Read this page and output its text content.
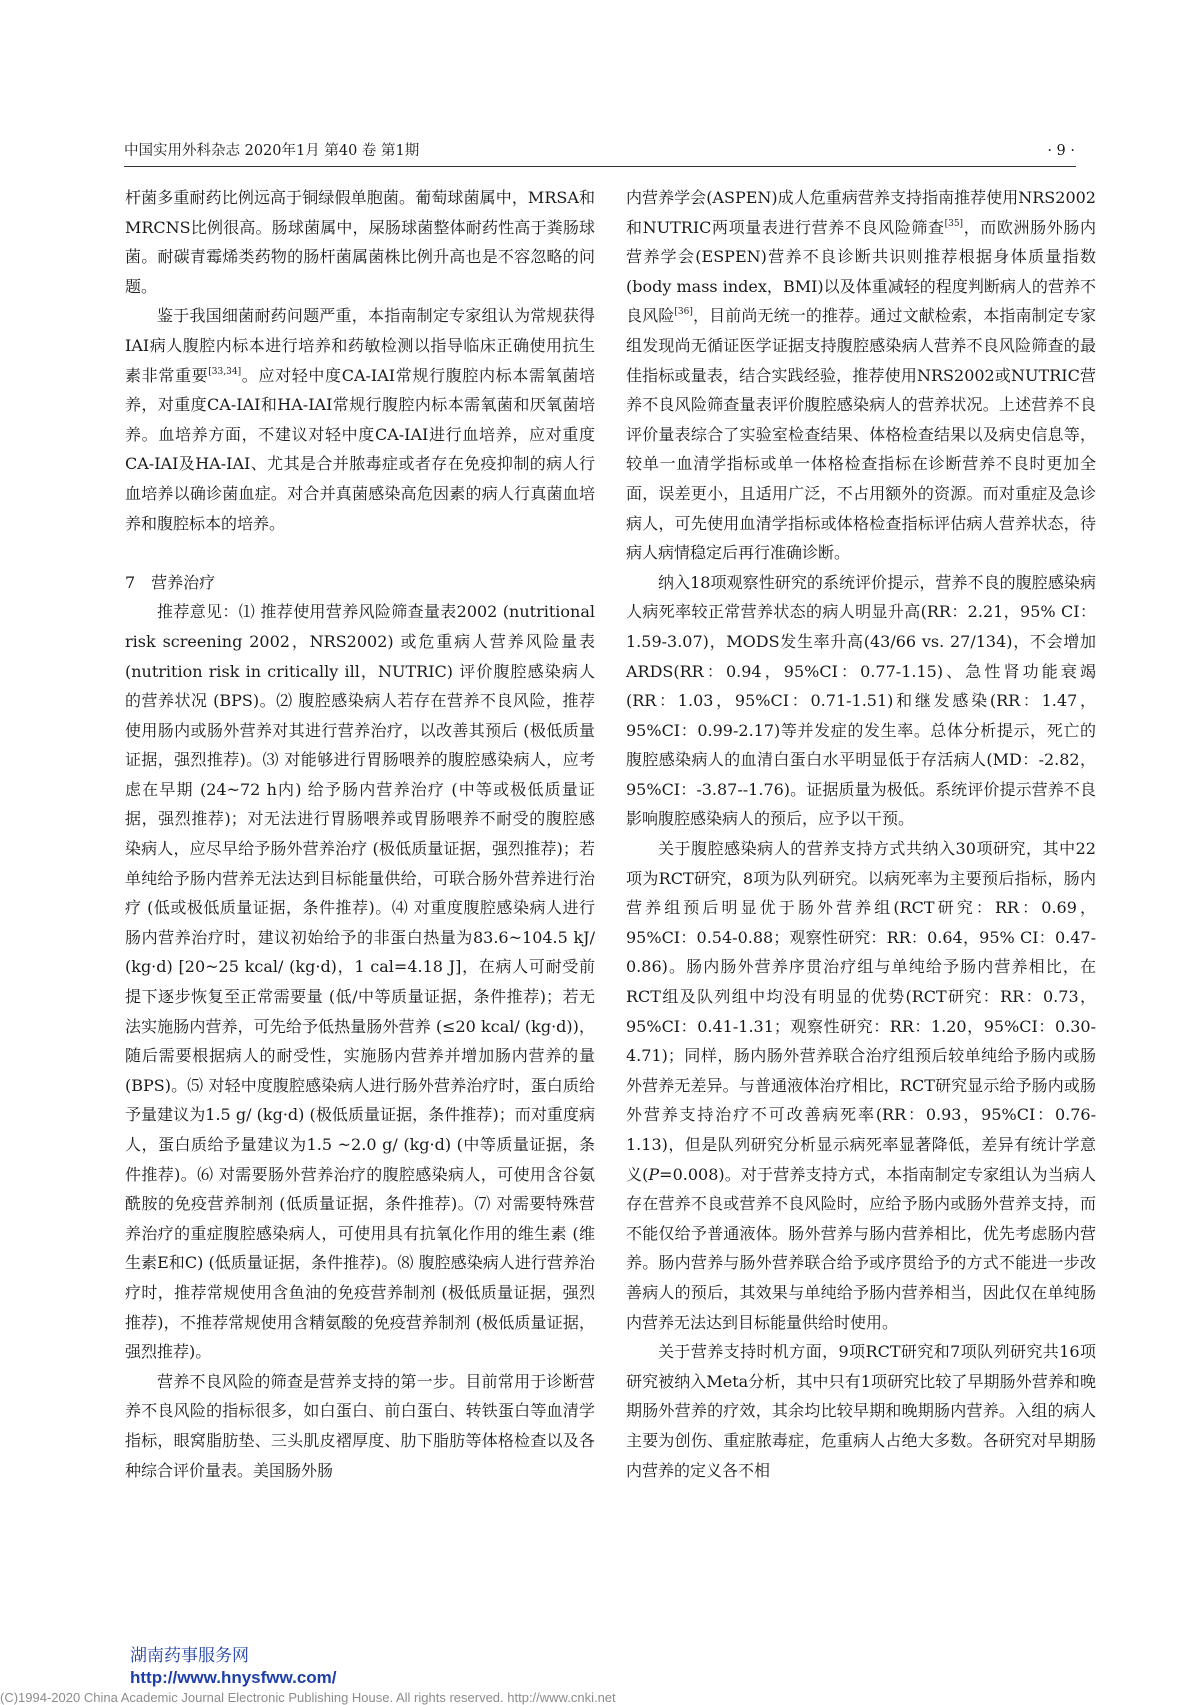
中国实用外科杂志 2020年1月 第40 卷 第1期	· 9 ·

杆菌多重耐药比例远高于铜绿假单胞菌。葡萄球菌属中，MRSA和MRCNS比例很高。肠球菌属中，屎肠球菌整体耐药性高于粪肠球菌。耐碳青霉烯类药物的肠杆菌属菌株比例升高也是不容忽略的问题。

鉴于我国细菌耐药问题严重，本指南制定专家组认为常规获得IAI病人腹腔内标本进行培养和药敏检测以指导临床正确使用抗生素非常重要[33,34]。应对轻中度CA-IAI常规行腹腔内标本需氧菌培养，对重度CA-IAI和HA-IAI常规行腹腔内标本需氧菌和厌氧菌培养。血培养方面，不建议对轻中度CA-IAI进行血培养，应对重度CA-IAI及HA-IAI、尤其是合并脓毒症或者存在免疫抑制的病人行血培养以确诊菌血症。对合并真菌感染高危因素的病人行真菌血培养和腹腔标本的培养。

7　营养治疗

推荐意见：⑴ 推荐使用营养风险筛查量表2002 (nutritional risk screening 2002，NRS2002) 或危重病人营养风险量表 (nutrition risk in critically ill，NUTRIC) 评价腹腔感染病人的营养状况 (BPS)。⑵ 腹腔感染病人若存在营养不良风险，推荐使用肠内或肠外营养对其进行营养治疗，以改善其预后 (极低质量证据，强烈推荐)。⑶ 对能够进行胃肠喂养的腹腔感染病人，应考虑在早期 (24~72 h内) 给予肠内营养治疗 (中等或极低质量证据，强烈推荐)；对无法进行胃肠喂养或胃肠喂养不耐受的腹腔感染病人，应尽早给予肠外营养治疗 (极低质量证据，强烈推荐)；若单纯给予肠内营养无法达到目标能量供给，可联合肠外营养进行治疗 (低或极低质量证据，条件推荐)。⑷ 对重度腹腔感染病人进行肠内营养治疗时，建议初始给予的非蛋白热量为83.6~104.5 kJ/ (kg·d) [20~25 kcal/ (kg·d)，1 cal=4.18 J]，在病人可耐受前提下逐步恢复至正常需要量 (低/中等质量证据，条件推荐)；若无法实施肠内营养，可先给予低热量肠外营养 (≤20 kcal/ (kg·d))，随后需要根据病人的耐受性，实施肠内营养并增加肠内营养的量 (BPS)。⑸ 对轻中度腹腔感染病人进行肠外营养治疗时，蛋白质给予量建议为1.5 g/ (kg·d) (极低质量证据，条件推荐)；而对重度病人，蛋白质给予量建议为1.5 ~2.0 g/ (kg·d) (中等质量证据，条件推荐)。⑹ 对需要肠外营养治疗的腹腔感染病人，可使用含谷氨酰胺的免疫营养制剂 (低质量证据，条件推荐)。⑺ 对需要特殊营养治疗的重症腹腔感染病人，可使用具有抗氧化作用的维生素 (维生素E和C) (低质量证据，条件推荐)。⑻ 腹腔感染病人进行营养治疗时，推荐常规使用含鱼油的免疫营养制剂 (极低质量证据，强烈推荐)，不推荐常规使用含精氨酸的免疫营养制剂 (极低质量证据，强烈推荐)。

营养不良风险的筛查是营养支持的第一步。目前常用于诊断营养不良风险的指标很多，如白蛋白、前白蛋白、转铁蛋白等血清学指标，眼窝脂肪垫、三头肌皮褶厚度、肋下脂肪等体格检查以及各种综合评价量表。美国肠外肠

内营养学会(ASPEN)成人危重病营养支持指南推荐使用NRS2002和NUTRIC两项量表进行营养不良风险筛查[35]，而欧洲肠外肠内营养学会(ESPEN)营养不良诊断共识则推荐根据身体质量指数(body mass index，BMI)以及体重减轻的程度判断病人的营养不良风险[36]，目前尚无统一的推荐。通过文献检索，本指南制定专家组发现尚无循证医学证据支持腹腔感染病人营养不良风险筛查的最佳指标或量表，结合实践经验，推荐使用NRS2002或NUTRIC营养不良风险筛查量表评价腹腔感染病人的营养状况。上述营养不良评价量表综合了实验室检查结果、体格检查结果以及病史信息等，较单一血清学指标或单一体格检查指标在诊断营养不良时更加全面，误差更小，且适用广泛，不占用额外的资源。而对重症及急诊病人，可先使用血清学指标或体格检查指标评估病人营养状态，待病人病情稳定后再行准确诊断。

纳入18项观察性研究的系统评价提示，营养不良的腹腔感染病人病死率较正常营养状态的病人明显升高(RR：2.21，95% CI：1.59-3.07)，MODS发生率升高(43/66 vs. 27/134)，不会增加ARDS(RR：0.94，95%CI：0.77-1.15)、急性肾功能衰竭(RR：1.03，95%CI：0.71-1.51)和继发感染(RR：1.47，95%CI：0.99-2.17)等并发症的发生率。总体分析提示，死亡的腹腔感染病人的血清白蛋白水平明显低于存活病人(MD：-2.82，95%CI：-3.87--1.76)。证据质量为极低。系统评价提示营养不良影响腹腔感染病人的预后，应予以干预。

关于腹腔感染病人的营养支持方式共纳入30项研究，其中22项为RCT研究，8项为队列研究。以病死率为主要预后指标，肠内营养组预后明显优于肠外营养组(RCT研究：RR：0.69，95%CI：0.54-0.88；观察性研究：RR：0.64，95% CI：0.47-0.86)。肠内肠外营养序贯治疗组与单纯给予肠内营养相比，在RCT组及队列组中均没有明显的优势(RCT研究：RR：0.73，95%CI：0.41-1.31；观察性研究：RR：1.20，95%CI：0.30-4.71)；同样，肠内肠外营养联合治疗组预后较单纯给予肠内或肠外营养无差异。与普通液体治疗相比，RCT研究显示给予肠内或肠外营养支持治疗不可改善病死率(RR：0.93，95%CI：0.76-1.13)，但是队列研究分析显示病死率显著降低，差异有统计学意义(P=0.008)。对于营养支持方式，本指南制定专家组认为当病人存在营养不良或营养不良风险时，应给予肠内或肠外营养支持，而不能仅给予普通液体。肠外营养与肠内营养相比，优先考虑肠内营养。肠内营养与肠外营养联合给予或序贯给予的方式不能进一步改善病人的预后，其效果与单纯给予肠内营养相当，因此仅在单纯肠内营养无法达到目标能量供给时使用。

关于营养支持时机方面，9项RCT研究和7项队列研究共16项研究被纳入Meta分析，其中只有1项研究比较了早期肠外营养和晚期肠外营养的疗效，其余均比较早期和晚期肠内营养。入组的病人主要为创伤、重症脓毒症，危重病人占绝大多数。各研究对早期肠内营养的定义各不相

湖南药事服务网
http://www.hnysfww.com/
(C)1994-2020 China Academic Journal Electronic Publishing House. All rights reserved. http://www.cnki.net
